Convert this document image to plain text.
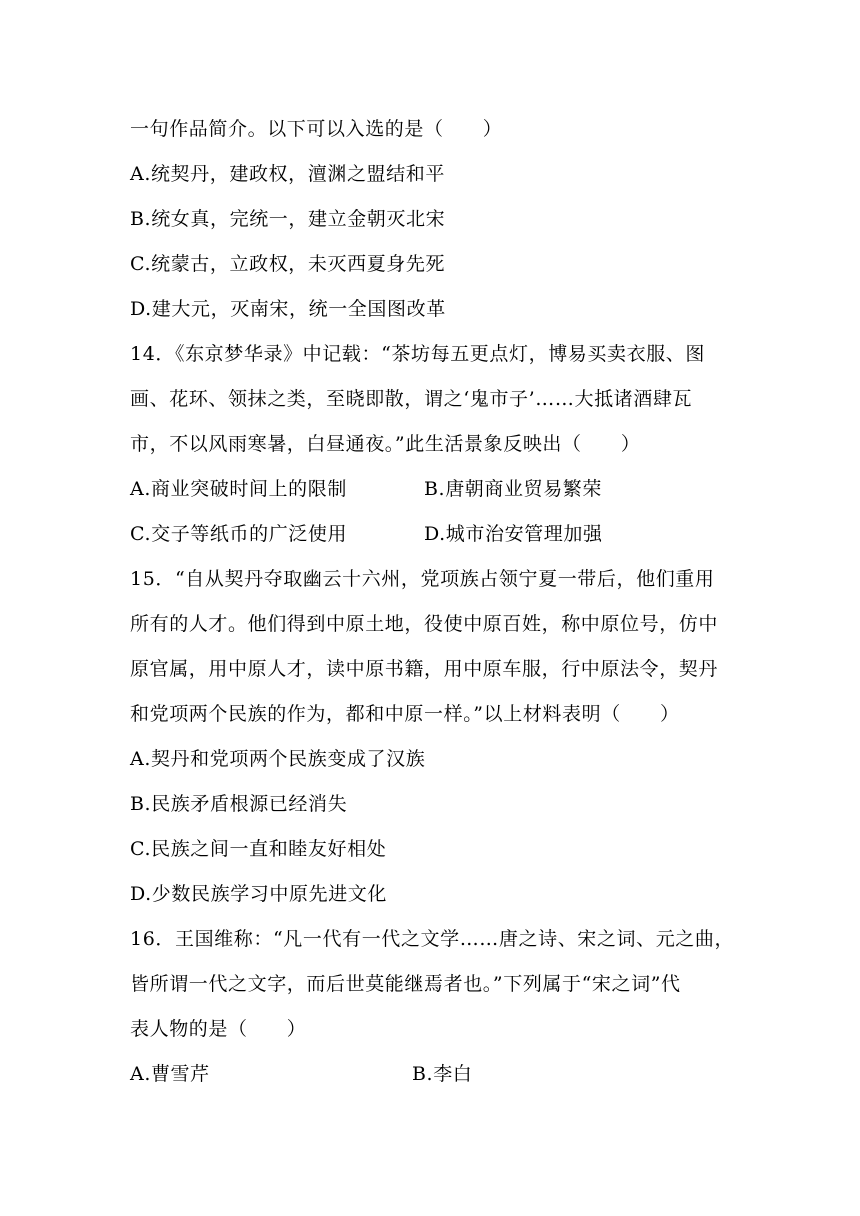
一句作品简介。以下可以入选的是（　　）
A.统契丹，建政权，澶渊之盟结和平
B.统女真，完统一，建立金朝灭北宋
C.统蒙古，立政权，未灭西夏身先死
D.建大元，灭南宋，统一全国图改革
14．《东京梦华录》中记载：“茶坊每五更点灯，博易买卖衣服、图
画、花环、领抹之类，至晓即散，谓之‘鬼市子’……大抵诸酒肆瓦
市，不以风雨寒暑，白昼通夜。”此生活景象反映出（　　）
A.商业突破时间上的限制	B.唐朝商业贸易繁荣
C.交子等纸币的广泛使用	D.城市治安管理加强
15．“自从契丹夺取幽云十六州，党项族占领宁夏一带后，他们重用
所有的人才。他们得到中原土地，役使中原百姓，称中原位号，仿中
原官属，用中原人才，读中原书籍，用中原车服，行中原法令，契丹
和党项两个民族的作为，都和中原一样。”以上材料表明（　　）
A.契丹和党项两个民族变成了汉族
B.民族矛盾根源已经消失
C.民族之间一直和睦友好相处
D.少数民族学习中原先进文化
16．王国维称：“凡一代有一代之文学……唐之诗、宋之词、元之曲，
皆所谓一代之文字，而后世莫能继焉者也。”下列属于“宋之词”代
表人物的是（　　）
A.曹雪芹	B.李白
